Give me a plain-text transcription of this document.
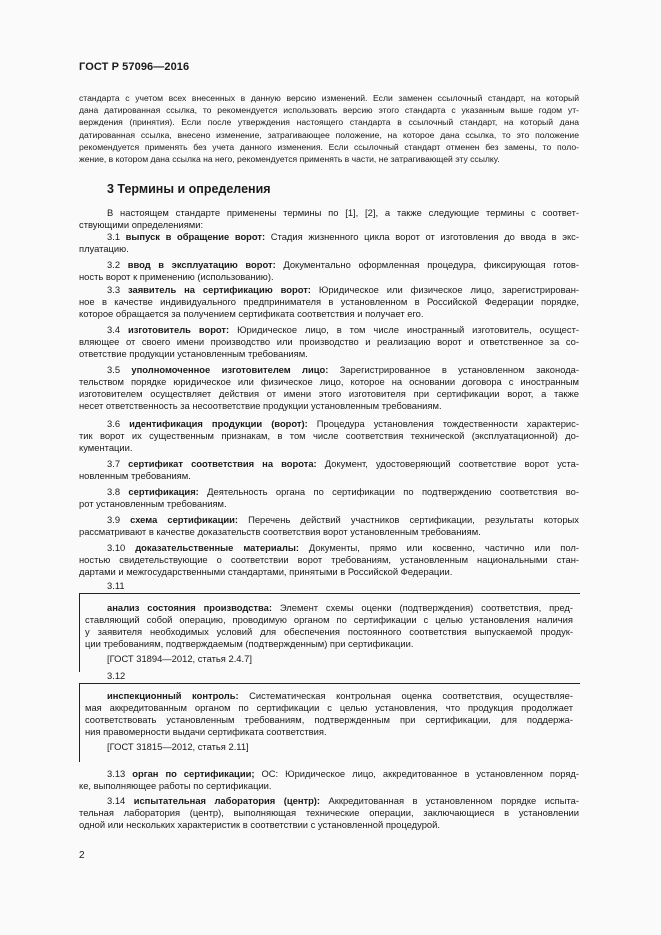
ГОСТ Р 57096—2016
стандарта с учетом всех внесенных в данную версию изменений. Если заменен ссылочный стандарт, на который
дана датированная ссылка, то рекомендуется использовать версию этого стандарта с указанным выше годом ут-
верждения (принятия). Если после утверждения настоящего стандарта в ссылочный стандарт, на который дана
датированная ссылка, внесено изменение, затрагивающее положение, на которое дана ссылка, то это положение
рекомендуется применять без учета данного изменения. Если ссылочный стандарт отменен без замены, то поло-
жение, в котором дана ссылка на него, рекомендуется применять в части, не затрагивающей эту ссылку.
3 Термины и определения
В настоящем стандарте применены термины по [1], [2], а также следующие термины с соответ-
ствующими определениями:
3.1 выпуск в обращение ворот: Стадия жизненного цикла ворот от изготовления до ввода в экс-
плуатацию.
3.2 ввод в эксплуатацию ворот: Документально оформленная процедура, фиксирующая готов-
ность ворот к применению (использованию).
3.3 заявитель на сертификацию ворот: Юридическое или физическое лицо, зарегистрирован-
ное в качестве индивидуального предпринимателя в установленном в Российской Федерации порядке,
которое обращается за получением сертификата соответствия и получает его.
3.4 изготовитель ворот: Юридическое лицо, в том числе иностранный изготовитель, осущест-
вляющее от своего имени производство или производство и реализацию ворот и ответственное за со-
ответствие продукции установленным требованиям.
3.5 уполномоченное изготовителем лицо: Зарегистрированное в установленном законода-
тельством порядке юридическое или физическое лицо, которое на основании договора с иностранным
изготовителем осуществляет действия от имени этого изготовителя при сертификации ворот, а также
несет ответственность за несоответствие продукции установленным требованиям.
3.6 идентификация продукции (ворот): Процедура установления тождественности характерис-
тик ворот их существенным признакам, в том числе соответствия технической (эксплуатационной) до-
кументации.
3.7 сертификат соответствия на ворота: Документ, удостоверяющий соответствие ворот уста-
новленным требованиям.
3.8 сертификация: Деятельность органа по сертификации по подтверждению соответствия во-
рот установленным требованиям.
3.9 схема сертификации: Перечень действий участников сертификации, результаты которых
рассматривают в качестве доказательств соответствия ворот установленным требованиям.
3.10 доказательственные материалы: Документы, прямо или косвенно, частично или пол-
ностью свидетельствующие о соответствии ворот требованиям, установленным национальными стан-
дартами и межгосударственными стандартами, принятыми в Российской Федерации.
3.11
анализ состояния производства: Элемент схемы оценки (подтверждения) соответствия, пред-
ставляющий собой операцию, проводимую органом по сертификации с целью установления наличия
у заявителя необходимых условий для обеспечения постоянного соответствия выпускаемой продук-
ции требованиям, подтверждаемым (подтвержденным) при сертификации.
[ГОСТ 31894—2012, статья 2.4.7]
3.12
инспекционный контроль: Систематическая контрольная оценка соответствия, осуществляе-
мая аккредитованным органом по сертификации с целью установления, что продукция продолжает
соответствовать установленным требованиям, подтвержденным при сертификации, для поддержа-
ния правомерности выдачи сертификата соответствия.
[ГОСТ 31815—2012, статья 2.11]
3.13 орган по сертификации; ОС: Юридическое лицо, аккредитованное в установленном поряд-
ке, выполняющее работы по сертификации.
3.14 испытательная лаборатория (центр): Аккредитованная в установленном порядке испыта-
тельная лаборатория (центр), выполняющая технические операции, заключающиеся в установлении
одной или нескольких характеристик в соответствии с установленной процедурой.
2
